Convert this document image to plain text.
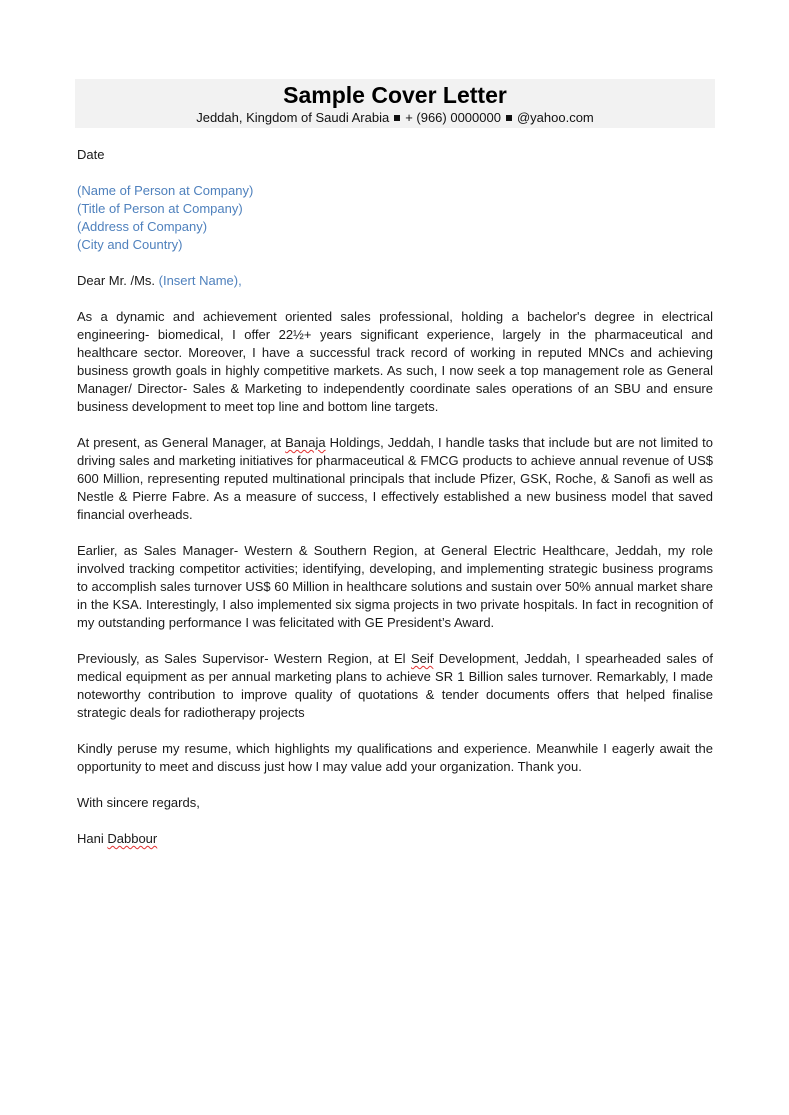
Sample Cover Letter
Jeddah, Kingdom of Saudi Arabia + (966) 0000000 @yahoo.com

Date

(Name of Person at Company)

(Title of Person at Company)

(Address of Company)

(City and Country)

Dear Mr. /Ms. (Insert Name),

As a dynamic and achievement oriented sales professional, holding a bachelor's degree in electrical engineering- biomedical, I offer 22½+ years significant experience, largely in the pharmaceutical and healthcare sector. Moreover, I have a successful track record of working in reputed MNCs and achieving business growth goals in highly competitive markets. As such, I now seek a top management role as General Manager/ Director- Sales & Marketing to independently coordinate sales operations of an SBU and ensure business development to meet top line and bottom line targets.

At present, as General Manager, at Banaja Holdings, Jeddah, I handle tasks that include but are not limited to driving sales and marketing initiatives for pharmaceutical & FMCG products to achieve annual revenue of US$ 600 Million, representing reputed multinational principals that include Pfizer, GSK, Roche, & Sanofi as well as Nestle & Pierre Fabre. As a measure of success, I effectively established a new business model that saved financial overheads.

Earlier, as Sales Manager- Western & Southern Region, at General Electric Healthcare, Jeddah, my role involved tracking competitor activities; identifying, developing, and implementing strategic business programs to accomplish sales turnover US$ 60 Million in healthcare solutions and sustain over 50% annual market share in the KSA. Interestingly, I also implemented six sigma projects in two private hospitals. In fact in recognition of my outstanding performance I was felicitated with GE President’s Award.

Previously, as Sales Supervisor- Western Region, at El Seif Development, Jeddah, I spearheaded sales of medical equipment as per annual marketing plans to achieve SR 1 Billion sales turnover. Remarkably, I made noteworthy contribution to improve quality of quotations & tender documents offers that helped finalise strategic deals for radiotherapy projects

Kindly peruse my resume, which highlights my qualifications and experience. Meanwhile I eagerly await the opportunity to meet and discuss just how I may value add your organization. Thank you.

With sincere regards,

Hani Dabbour
